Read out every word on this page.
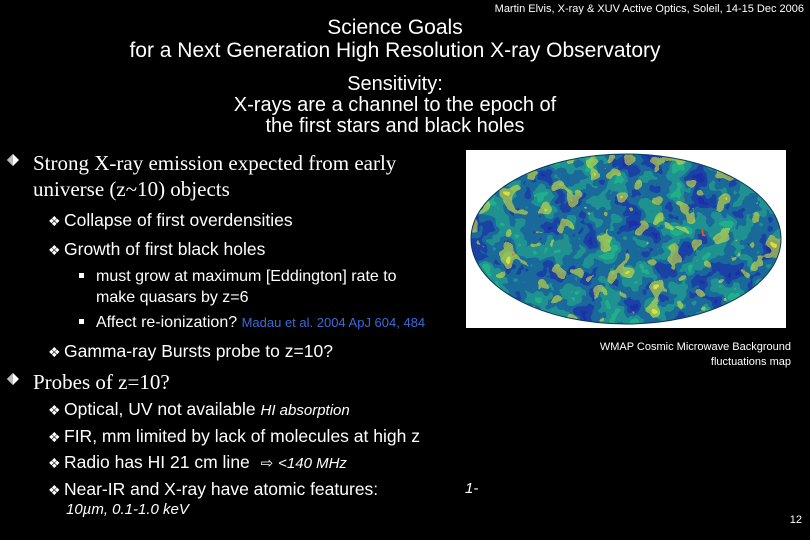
Martin Elvis, X-ray & XUV Active Optics, Soleil, 14-15 Dec 2006
Science Goals
for a Next Generation High Resolution X-ray Observatory
Sensitivity:
X-rays are a channel to the epoch of
the first stars and black holes
Strong X-ray emission expected from early
universe (z~10) objects
❖ Collapse of first overdensities
❖ Growth of first black holes
must grow at maximum [Eddington] rate to
make quasars by z=6
Affect re-ionization? Madau et al. 2004 ApJ 604, 484
❖ Gamma-ray Bursts probe to z=10?
Probes of z=10?
❖ Optical, UV not available HI absorption
❖ FIR, mm limited by lack of molecules at high z
❖ Radio has HI 21 cm line ⇨ <140 MHz
❖ Near-IR and X-ray have atomic features:	1-
10µm, 0.1-1.0 keV
WMAP Cosmic Microwave Background
fluctuations map
12
